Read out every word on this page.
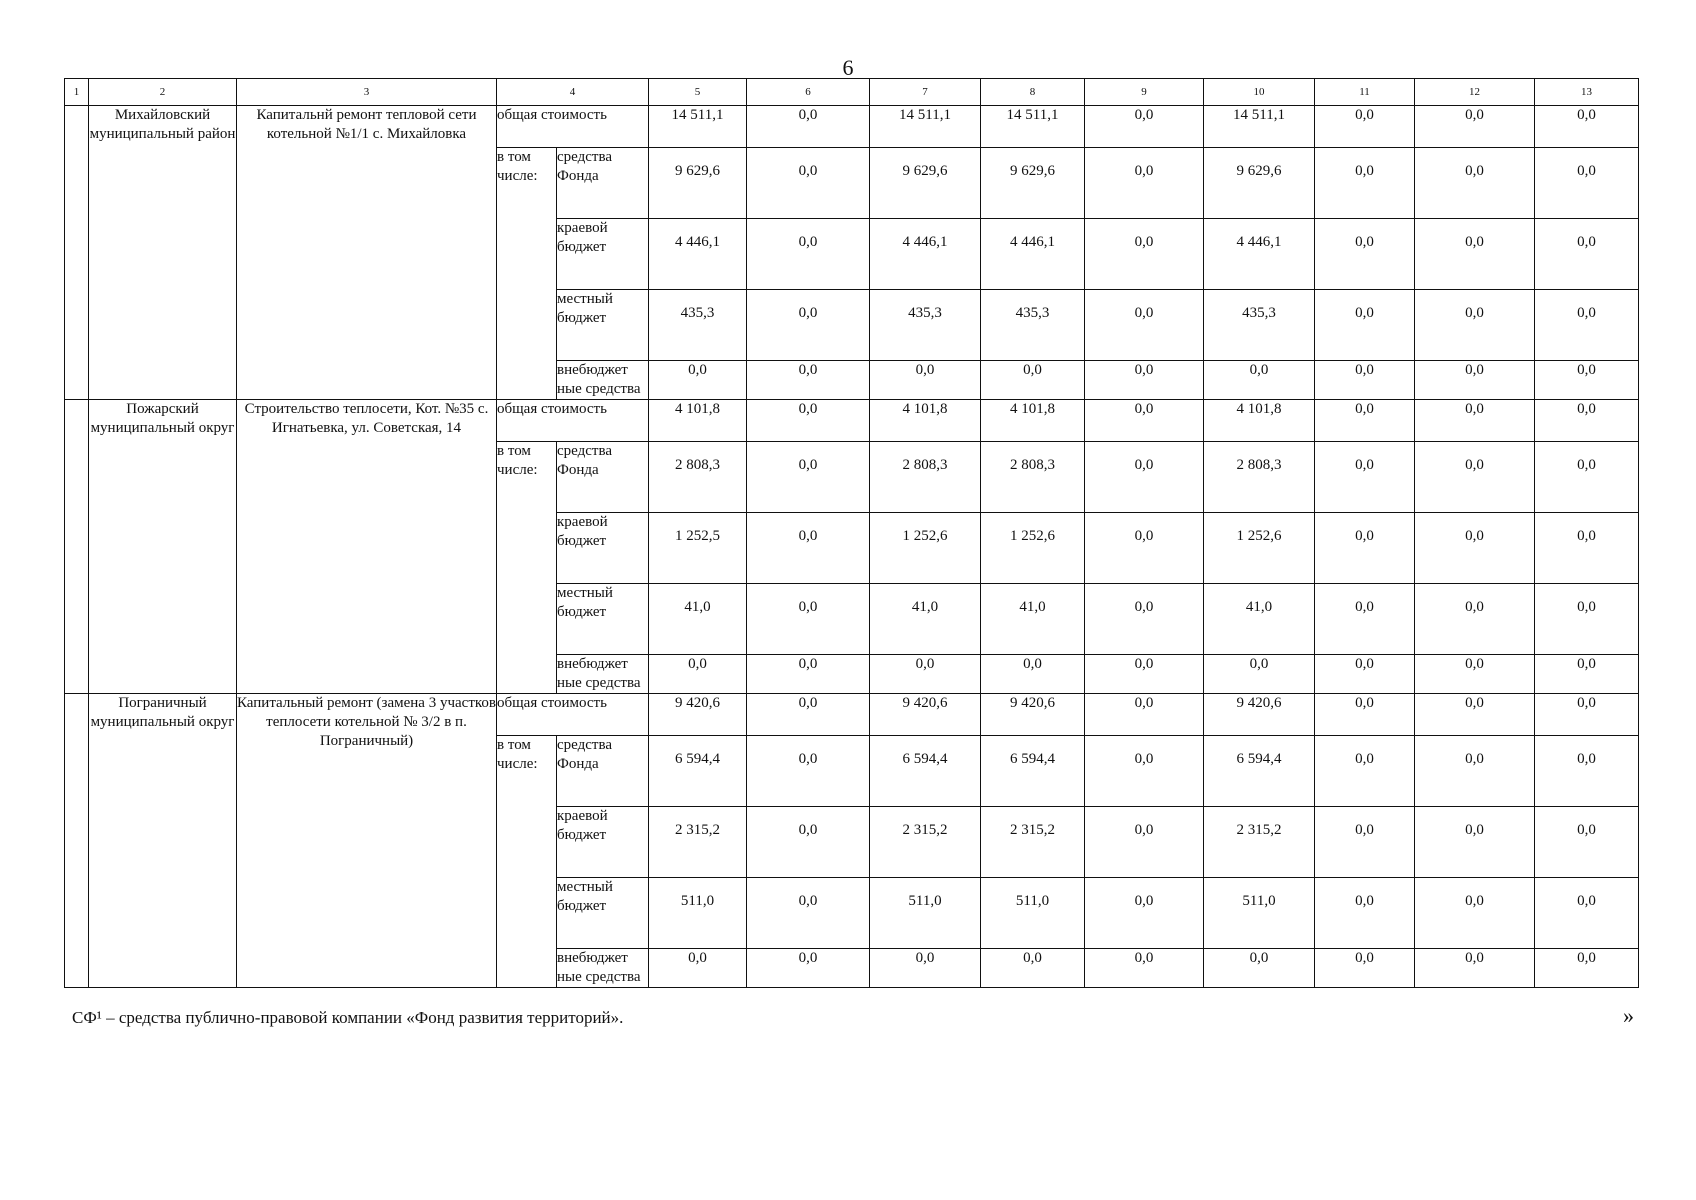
6
1	2	3	4		5	6	7	8	9	10	11	12	13
	Михайловский муниципальный район	Капитальнй ремонт тепловой сети котельной №1/1 с. Михайловка	общая стоимость		14 511,1	0,0	14 511,1	14 511,1	0,0	14 511,1	0,0	0,0	0,0
			в том числе:	средства Фонда	9 629,6	0,0	9 629,6	9 629,6	0,0	9 629,6	0,0	0,0	0,0
				краевой бюджет	4 446,1	0,0	4 446,1	4 446,1	0,0	4 446,1	0,0	0,0	0,0
				местный бюджет	435,3	0,0	435,3	435,3	0,0	435,3	0,0	0,0	0,0
				внебюджет ные средства	0,0	0,0	0,0	0,0	0,0	0,0	0,0	0,0	0,0
	Пожарский муниципальный округ	Строительство теплосети, Кот. №35 с. Игнатьевка, ул. Советская, 14	общая стоимость		4 101,8	0,0	4 101,8	4 101,8	0,0	4 101,8	0,0	0,0	0,0
			в том числе:	средства Фонда	2 808,3	0,0	2 808,3	2 808,3	0,0	2 808,3	0,0	0,0	0,0
				краевой бюджет	1 252,5	0,0	1 252,6	1 252,6	0,0	1 252,6	0,0	0,0	0,0
				местный бюджет	41,0	0,0	41,0	41,0	0,0	41,0	0,0	0,0	0,0
				внебюджет ные средства	0,0	0,0	0,0	0,0	0,0	0,0	0,0	0,0	0,0
	Пограничный муниципальный округ	Капитальный ремонт (замена 3 участков теплосети котельной № 3/2 в п. Пограничный)	общая стоимость		9 420,6	0,0	9 420,6	9 420,6	0,0	9 420,6	0,0	0,0	0,0
			в том числе:	средства Фонда	6 594,4	0,0	6 594,4	6 594,4	0,0	6 594,4	0,0	0,0	0,0
				краевой бюджет	2 315,2	0,0	2 315,2	2 315,2	0,0	2 315,2	0,0	0,0	0,0
				местный бюджет	511,0	0,0	511,0	511,0	0,0	511,0	0,0	0,0	0,0
				внебюджет ные средства	0,0	0,0	0,0	0,0	0,0	0,0	0,0	0,0	0,0
СФ¹ – средства публично-правовой компании «Фонд развития территорий».	»
